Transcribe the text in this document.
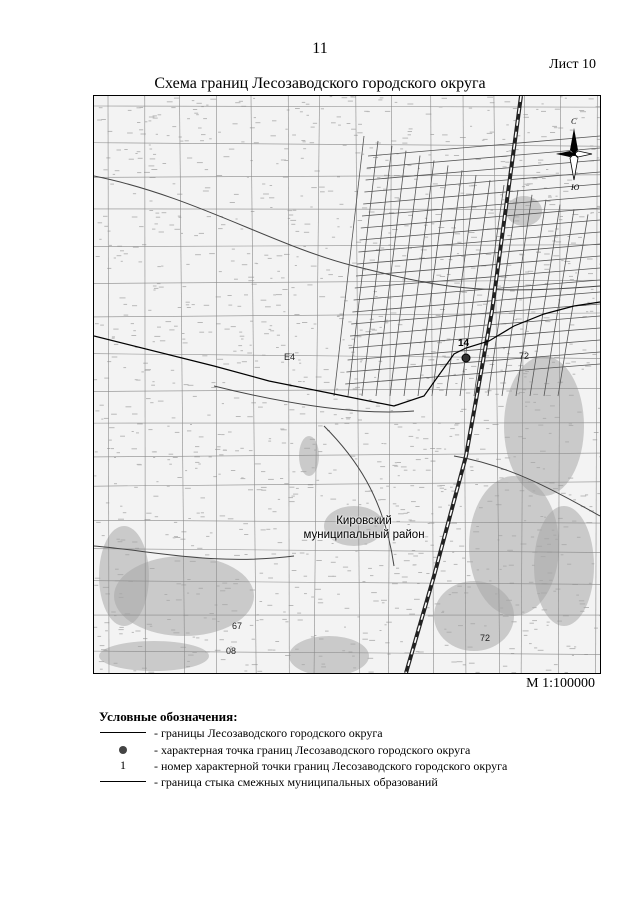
11
Лист 10
Схема границ Лесозаводского городского округа
14
E4	72
72
08
67
С
Ю
Кировский
муниципальный район
М 1:100000
Условные обозначения:
- границы Лесозаводского городского округа
- характерная точка границ Лесозаводского городского округа
1	- номер характерной точки границ Лесозаводского городского округа
- граница стыка смежных муниципальных образований
